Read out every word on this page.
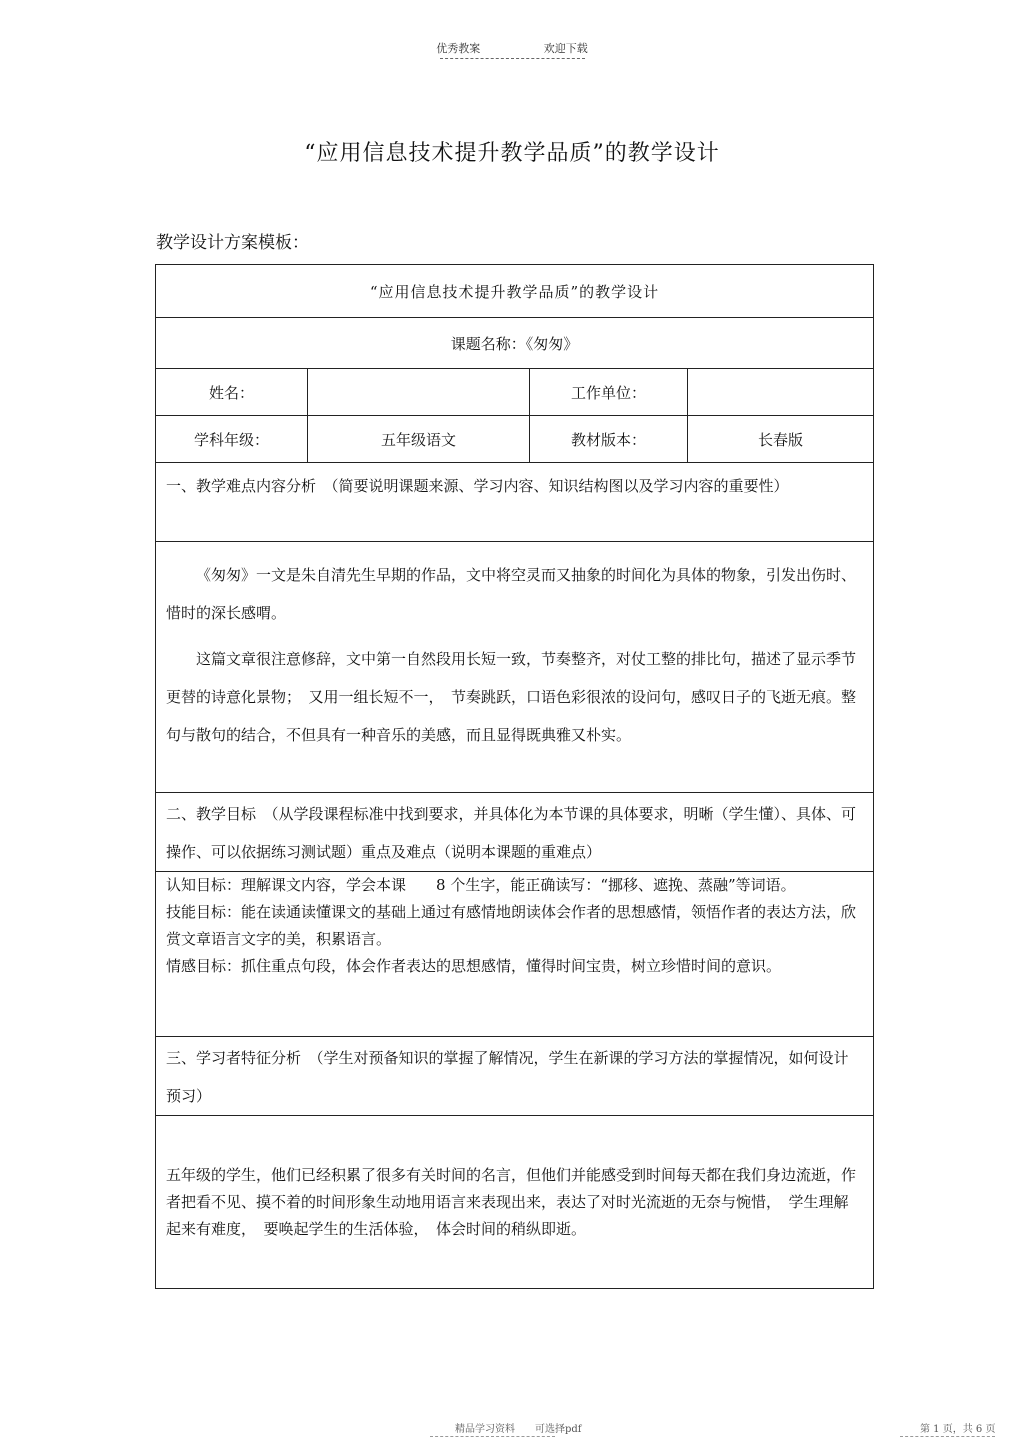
优秀教案	欢迎下载
“应用信息技术提升教学品质”的教学设计
教学设计方案模板：
“应用信息技术提升教学品质”的教学设计			
课题名称：《匆匆》			
姓名：		工作单位：	
学科年级：	五年级语文	教材版本：	长春版
一、教学难点内容分析　（简要说明课题来源、学习内容、知识结构图以及学习内容的重要性）			

《匆匆》一文是朱自清先生早期的作品，文中将空灵而又抽象的时间化为具体的物象，引发出伤时、惜时的深长感喟。

这篇文章很注意修辞，文中第一自然段用长短一致，节奏整齐，对仗工整的排比句，描述了显示季节更替的诗意化景物；　又用一组长短不一，　节奏跳跃，口语色彩很浓的设问句，感叹日子的飞逝无痕。整句与散句的结合，不但具有一种音乐的美感，而且显得既典雅又朴实。			

二、教学目标　（从学段课程标准中找到要求，并具体化为本节课的具体要求，明晰（学生懂）、具体、可操作、可以依据练习测试题）重点及难点（说明本课题的重难点）			

认知目标：理解课文内容，学会本课　　8 个生字，能正确读写：“挪移、遮挽、蒸融”等词语。
技能目标：能在读通读懂课文的基础上通过有感情地朗读体会作者的思想感情，领悟作者的表达方法，欣赏文章语言文字的美，积累语言。
情感目标：抓住重点句段，体会作者表达的思想感情，懂得时间宝贵，树立珍惜时间的意识。			

三、学习者特征分析　（学生对预备知识的掌握了解情况，学生在新课的学习方法的掌握情况，如何设计预习）			
五年级的学生，他们已经积累了很多有关时间的名言，但他们并能感受到时间每天都在我们身边流逝，作者把看不见、摸不着的时间形象生动地用语言来表现出来，表达了对时光流逝的无奈与惋惜，　学生理解起来有难度，　要唤起学生的生活体验，　体会时间的稍纵即逝。			
精品学习资料　　可选择pdf	第 1 页，共 6 页
